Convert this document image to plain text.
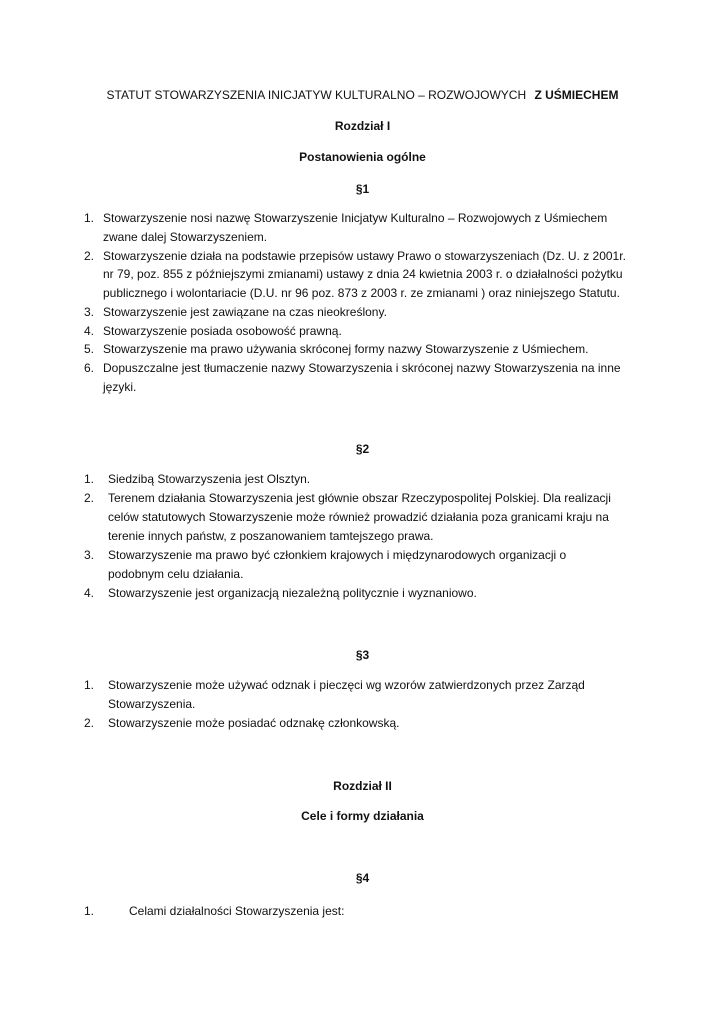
STATUT STOWARZYSZENIA INICJATYW KULTURALNO – ROZWOJOWYCH Z UŚMIECHEM
Rozdział I
Postanowienia ogólne
§1
1. Stowarzyszenie nosi nazwę Stowarzyszenie Inicjatyw Kulturalno – Rozwojowych z Uśmiechem
zwane dalej Stowarzyszeniem.
2. Stowarzyszenie działa na podstawie przepisów ustawy Prawo o stowarzyszeniach (Dz. U. z 2001r.
nr 79, poz. 855 z późniejszymi zmianami) ustawy z dnia 24 kwietnia 2003 r. o działalności pożytku
publicznego i wolontariacie (D.U. nr 96 poz. 873 z 2003 r. ze zmianami ) oraz niniejszego Statutu.
3. Stowarzyszenie jest zawiązane na czas nieokreślony.
4. Stowarzyszenie posiada osobowość prawną.
5. Stowarzyszenie ma prawo używania skróconej formy nazwy Stowarzyszenie z Uśmiechem.
6. Dopuszczalne jest tłumaczenie nazwy Stowarzyszenia i skróconej nazwy Stowarzyszenia na inne
języki.
§2
1. Siedzibą Stowarzyszenia jest Olsztyn.
2. Terenem działania Stowarzyszenia jest głównie obszar Rzeczypospolitej Polskiej. Dla realizacji
celów statutowych Stowarzyszenie może również prowadzić działania poza granicami kraju na
terenie innych państw, z poszanowaniem tamtejszego prawa.
3. Stowarzyszenie ma prawo być członkiem krajowych i międzynarodowych organizacji o
podobnym celu działania.
4. Stowarzyszenie jest organizacją niezależną politycznie i wyznaniowo.
§3
1. Stowarzyszenie może używać odznak i pieczęci wg wzorów zatwierdzonych przez Zarząd
Stowarzyszenia.
2. Stowarzyszenie może posiadać odznakę członkowską.
Rozdział II
Cele i formy działania
§4
1.	Celami działalności Stowarzyszenia jest:
